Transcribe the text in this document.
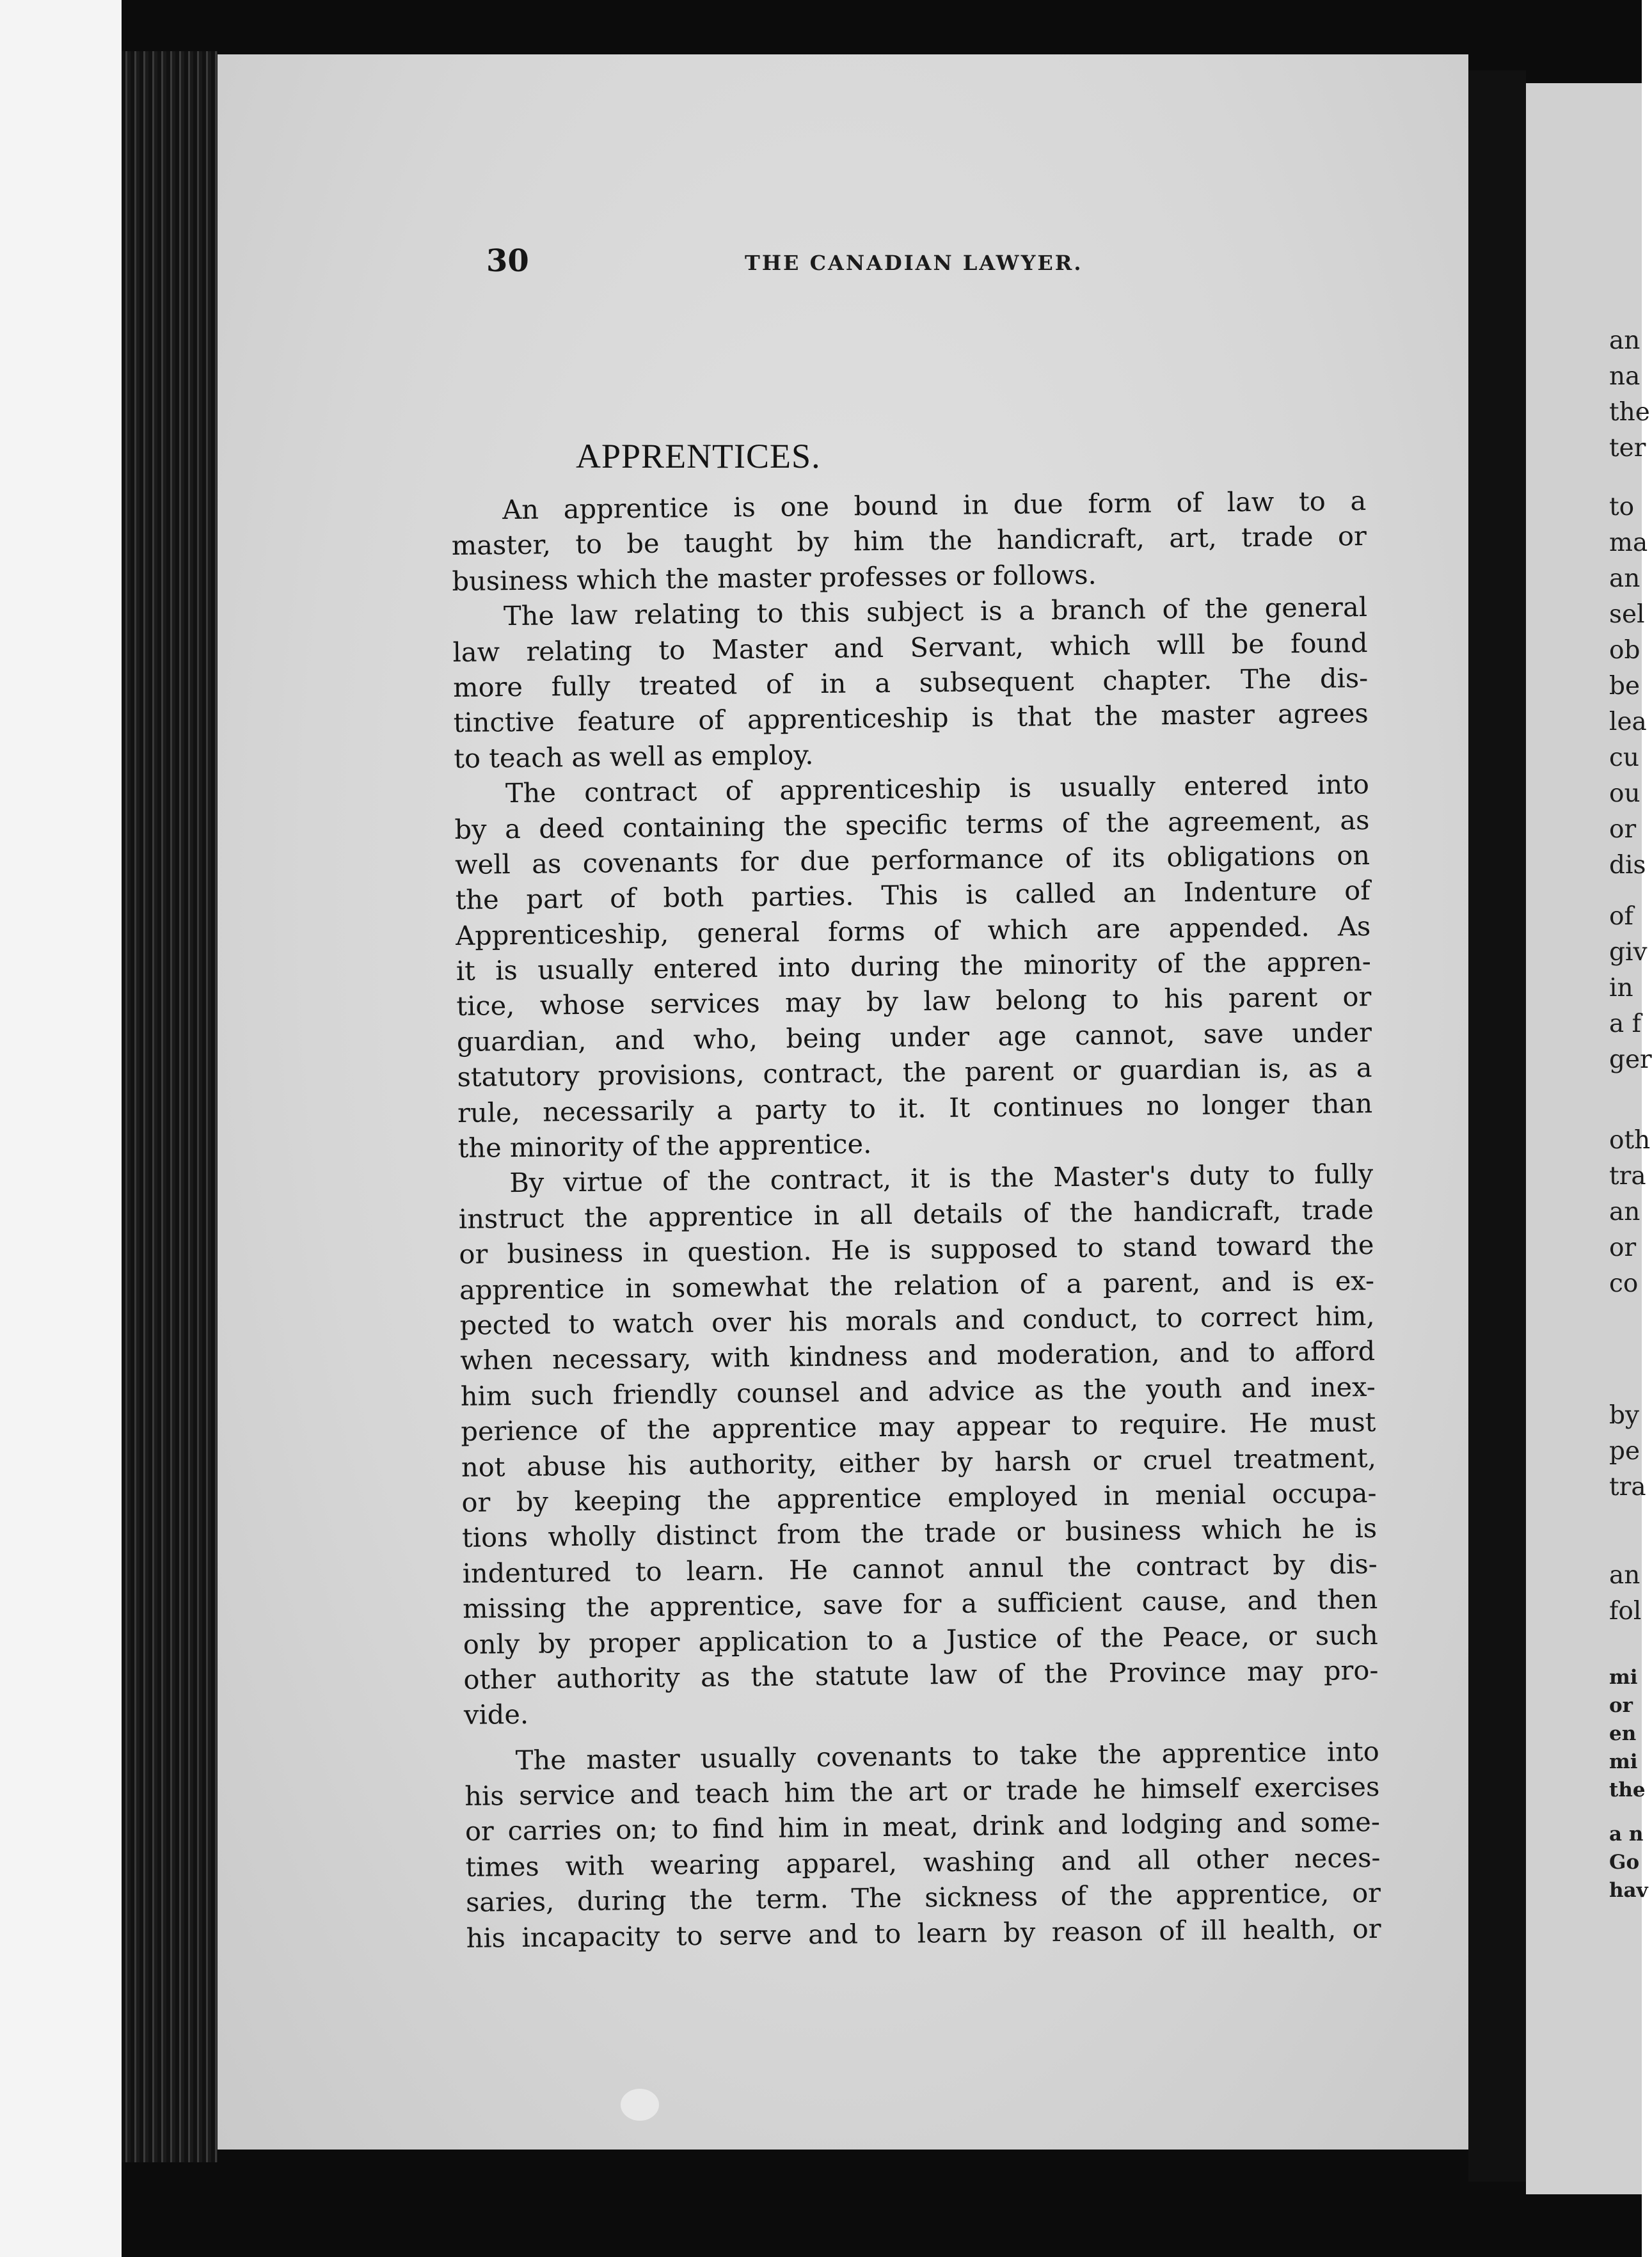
30	THE CANADIAN LAWYER.
APPRENTICES.
An apprentice is one bound in due form of law to a
master, to be taught by him the handicraft, art, trade or
business which the master professes or follows.
The law relating to this subject is a branch of the general
law relating to Master and Servant, which wlll be found
more fully treated of in a subsequent chapter. The dis-
tinctive feature of apprenticeship is that the master agrees
to teach as well as employ.
The contract of apprenticeship is usually entered into
by a deed containing the specific terms of the agreement, as
well as covenants for due performance of its obligations on
the part of both parties. This is called an Indenture of
Apprenticeship, general forms of which are appended. As
it is usually entered into during the minority of the appren-
tice, whose services may by law belong to his parent or
guardian, and who, being under age cannot, save under
statutory provisions, contract, the parent or guardian is, as a
rule, necessarily a party to it. It continues no longer than
the minority of the apprentice.
By virtue of the contract, it is the Master's duty to fully
instruct the apprentice in all details of the handicraft, trade
or business in question. He is supposed to stand toward the
apprentice in somewhat the relation of a parent, and is ex-
pected to watch over his morals and conduct, to correct him,
when necessary, with kindness and moderation, and to afford
him such friendly counsel and advice as the youth and inex-
perience of the apprentice may appear to require. He must
not abuse his authority, either by harsh or cruel treatment,
or by keeping the apprentice employed in menial occupa-
tions wholly distinct from the trade or business which he is
indentured to learn. He cannot annul the contract by dis-
missing the apprentice, save for a sufficient cause, and then
only by proper application to a Justice of the Peace, or such
other authority as the statute law of the Province may pro-
vide.
The master usually covenants to take the apprentice into
his service and teach him the art or trade he himself exercises
or carries on; to find him in meat, drink and lodging and some-
times with wearing apparel, washing and all other neces-
saries, during the term. The sickness of the apprentice, or
his incapacity to serve and to learn by reason of ill health, or
an
na
the
ter
to
ma
an
sel
ob
be
lea
cu
ou
or
dis
of
giv
in
a f
ger
oth
tra
an
or
co
by
pe
tra
an
fol
mi
or
en
mi
the
a n
Go
hav
